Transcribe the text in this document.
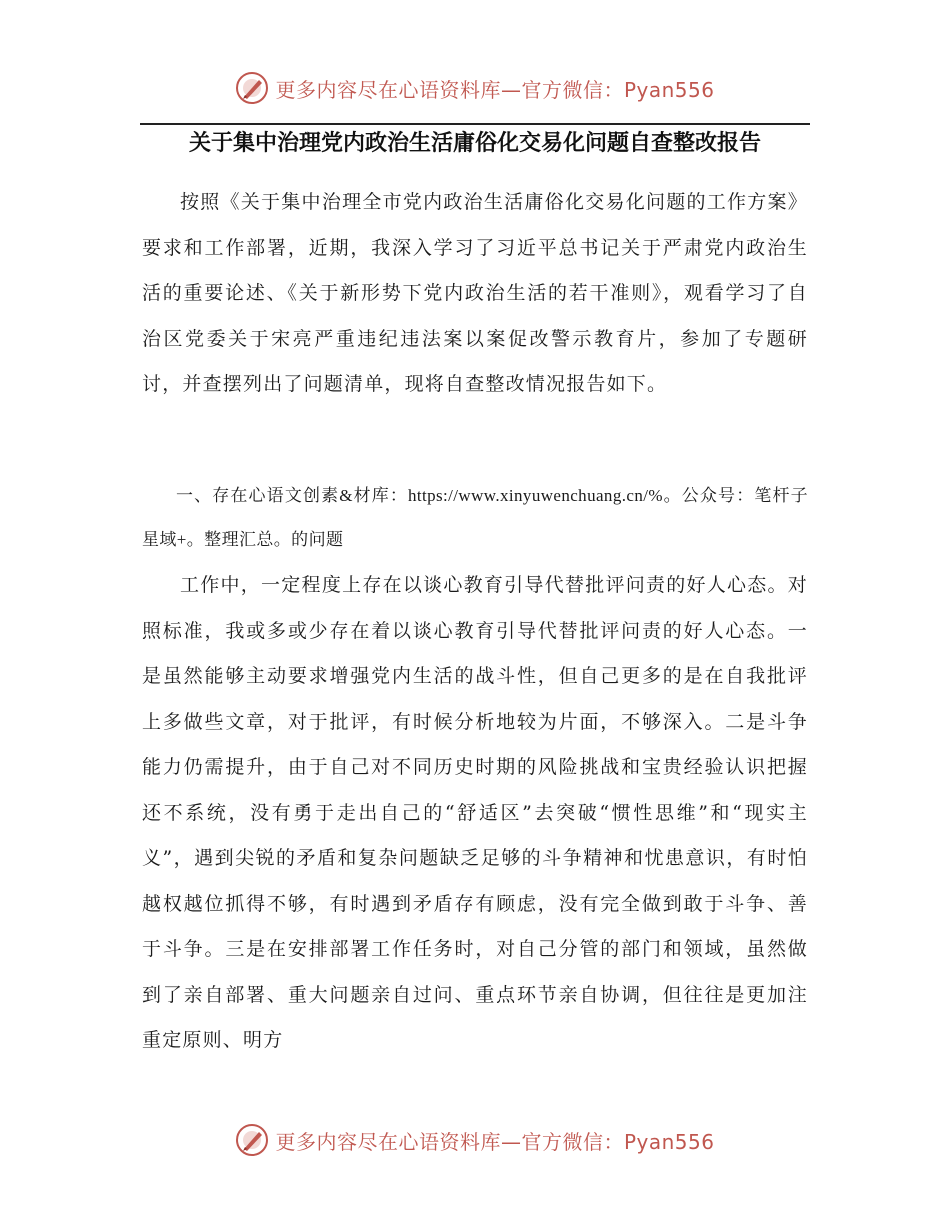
更多内容尽在心语资料库—官方微信：Pyan556
关于集中治理党内政治生活庸俗化交易化问题自查整改报告

按照《关于集中治理全市党内政治生活庸俗化交易化问题的工作方案》要求和工作部署，近期，我深入学习了习近平总书记关于严肃党内政治生活的重要论述、《关于新形势下党内政治生活的若干准则》，观看学习了自治区党委关于宋亮严重违纪违法案以案促改警示教育片，参加了专题研讨，并查摆列出了问题清单，现将自查整改情况报告如下。

一、存在心语文创素&材库：https://www.xinyuwenchuang.cn/%。公众号：笔杆子星域+。整理汇总。的问题

工作中，一定程度上存在以谈心教育引导代替批评问责的好人心态。对照标准，我或多或少存在着以谈心教育引导代替批评问责的好人心态。一是虽然能够主动要求增强党内生活的战斗性，但自己更多的是在自我批评上多做些文章，对于批评，有时候分析地较为片面，不够深入。二是斗争能力仍需提升，由于自己对不同历史时期的风险挑战和宝贵经验认识把握还不系统，没有勇于走出自己的“舒适区”去突破“惯性思维”和“现实主义”，遇到尖锐的矛盾和复杂问题缺乏足够的斗争精神和忧患意识，有时怕越权越位抓得不够，有时遇到矛盾存有顾虑，没有完全做到敢于斗争、善于斗争。三是在安排部署工作任务时，对自己分管的部门和领域，虽然做到了亲自部署、重大问题亲自过问、重点环节亲自协调，但往往是更加注重定原则、明方

更多内容尽在心语资料库—官方微信：Pyan556
